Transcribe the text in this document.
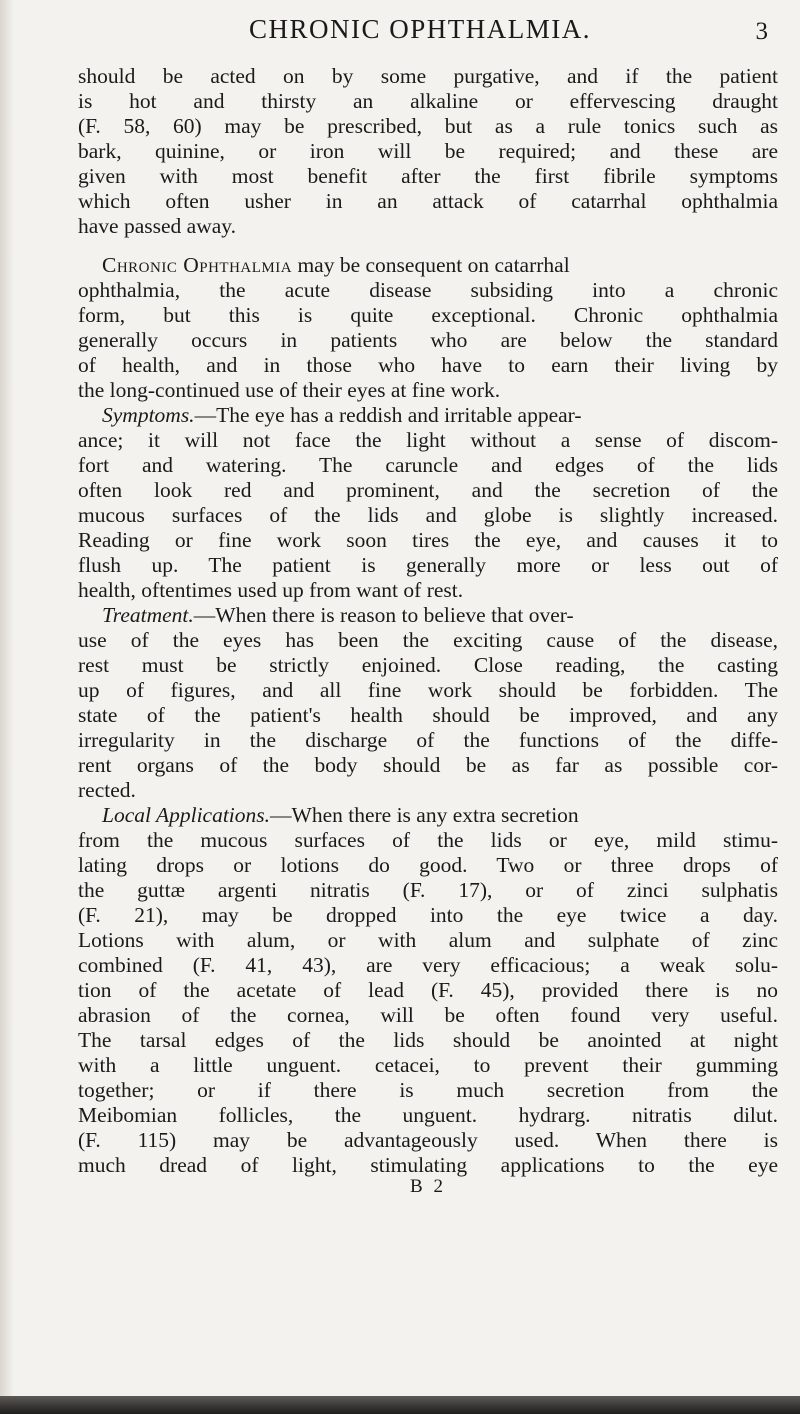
CHRONIC OPHTHALMIA.	3
should be acted on by some purgative, and if the patient
is hot and thirsty an alkaline or effervescing draught
(F. 58, 60) may be prescribed, but as a rule tonics such as
bark, quinine, or iron will be required; and these are
given with most benefit after the first fibrile symptoms
which often usher in an attack of catarrhal ophthalmia
have passed away.
Chronic Ophthalmia may be consequent on catarrhal
ophthalmia, the acute disease subsiding into a chronic
form, but this is quite exceptional. Chronic ophthalmia
generally occurs in patients who are below the standard
of health, and in those who have to earn their living by
the long-continued use of their eyes at fine work.
Symptoms.—The eye has a reddish and irritable appear-
ance; it will not face the light without a sense of discom-
fort and watering. The caruncle and edges of the lids
often look red and prominent, and the secretion of the
mucous surfaces of the lids and globe is slightly increased.
Reading or fine work soon tires the eye, and causes it to
flush up. The patient is generally more or less out of
health, oftentimes used up from want of rest.
Treatment.—When there is reason to believe that over-
use of the eyes has been the exciting cause of the disease,
rest must be strictly enjoined. Close reading, the casting
up of figures, and all fine work should be forbidden. The
state of the patient's health should be improved, and any
irregularity in the discharge of the functions of the diffe-
rent organs of the body should be as far as possible cor-
rected.
Local Applications.—When there is any extra secretion
from the mucous surfaces of the lids or eye, mild stimu-
lating drops or lotions do good. Two or three drops of
the guttæ argenti nitratis (F. 17), or of zinci sulphatis
(F. 21), may be dropped into the eye twice a day.
Lotions with alum, or with alum and sulphate of zinc
combined (F. 41, 43), are very efficacious; a weak solu-
tion of the acetate of lead (F. 45), provided there is no
abrasion of the cornea, will be often found very useful.
The tarsal edges of the lids should be anointed at night
with a little unguent. cetacei, to prevent their gumming
together; or if there is much secretion from the
Meibomian follicles, the unguent. hydrarg. nitratis dilut.
(F. 115) may be advantageously used. When there is
much dread of light, stimulating applications to the eye
B 2
